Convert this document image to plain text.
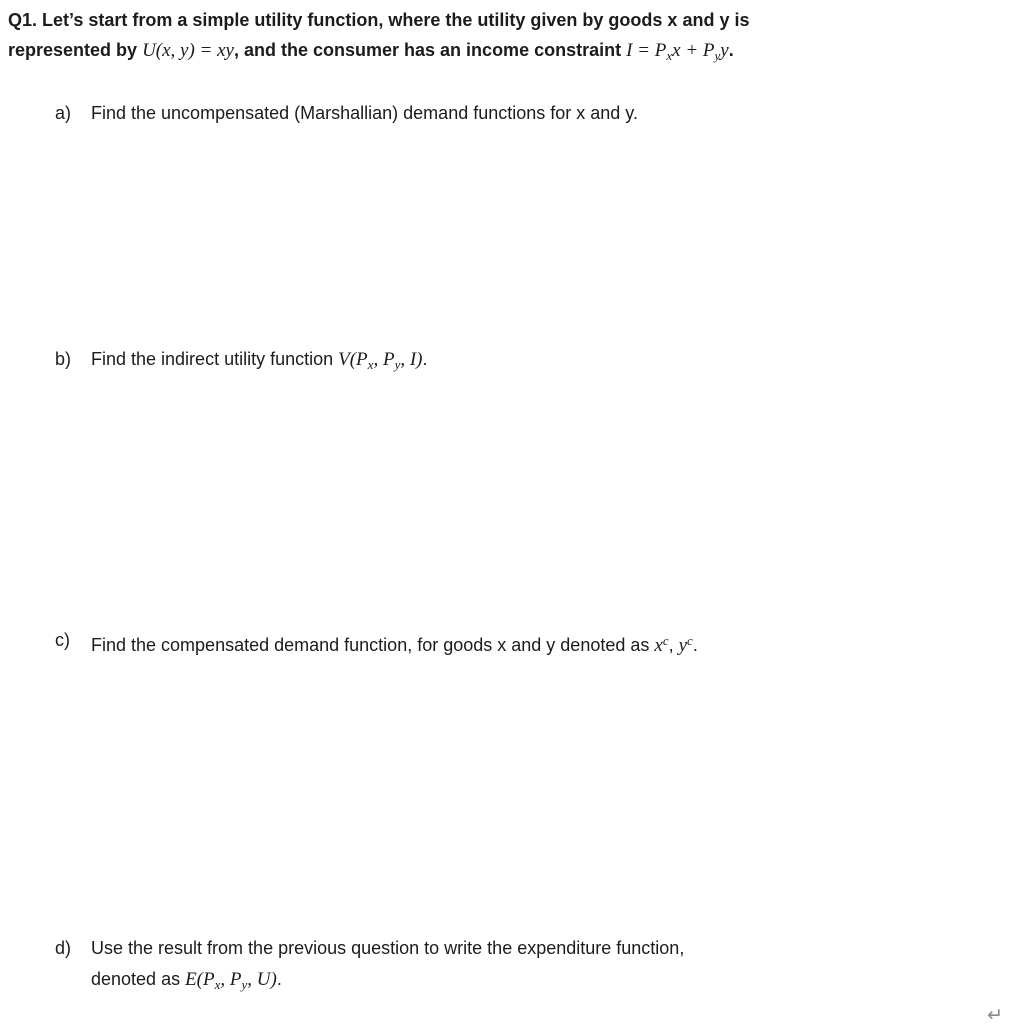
Q1. Let’s start from a simple utility function, where the utility given by goods x and y is
represented by U(x, y) = xy, and the consumer has an income constraint $I = P_xx + P_yy$.
a)	Find the uncompensated (Marshallian) demand functions for x and y.
b)	Find the indirect utility function $V(P_x$, $P_y$, I).
c)	Find the compensated demand function, for goods x and y denoted as $x^c$, $y^c$.
d)	Use the result from the previous question to write the expenditure function,
denoted as $E(P_x$, $P_y$, U).
↵
